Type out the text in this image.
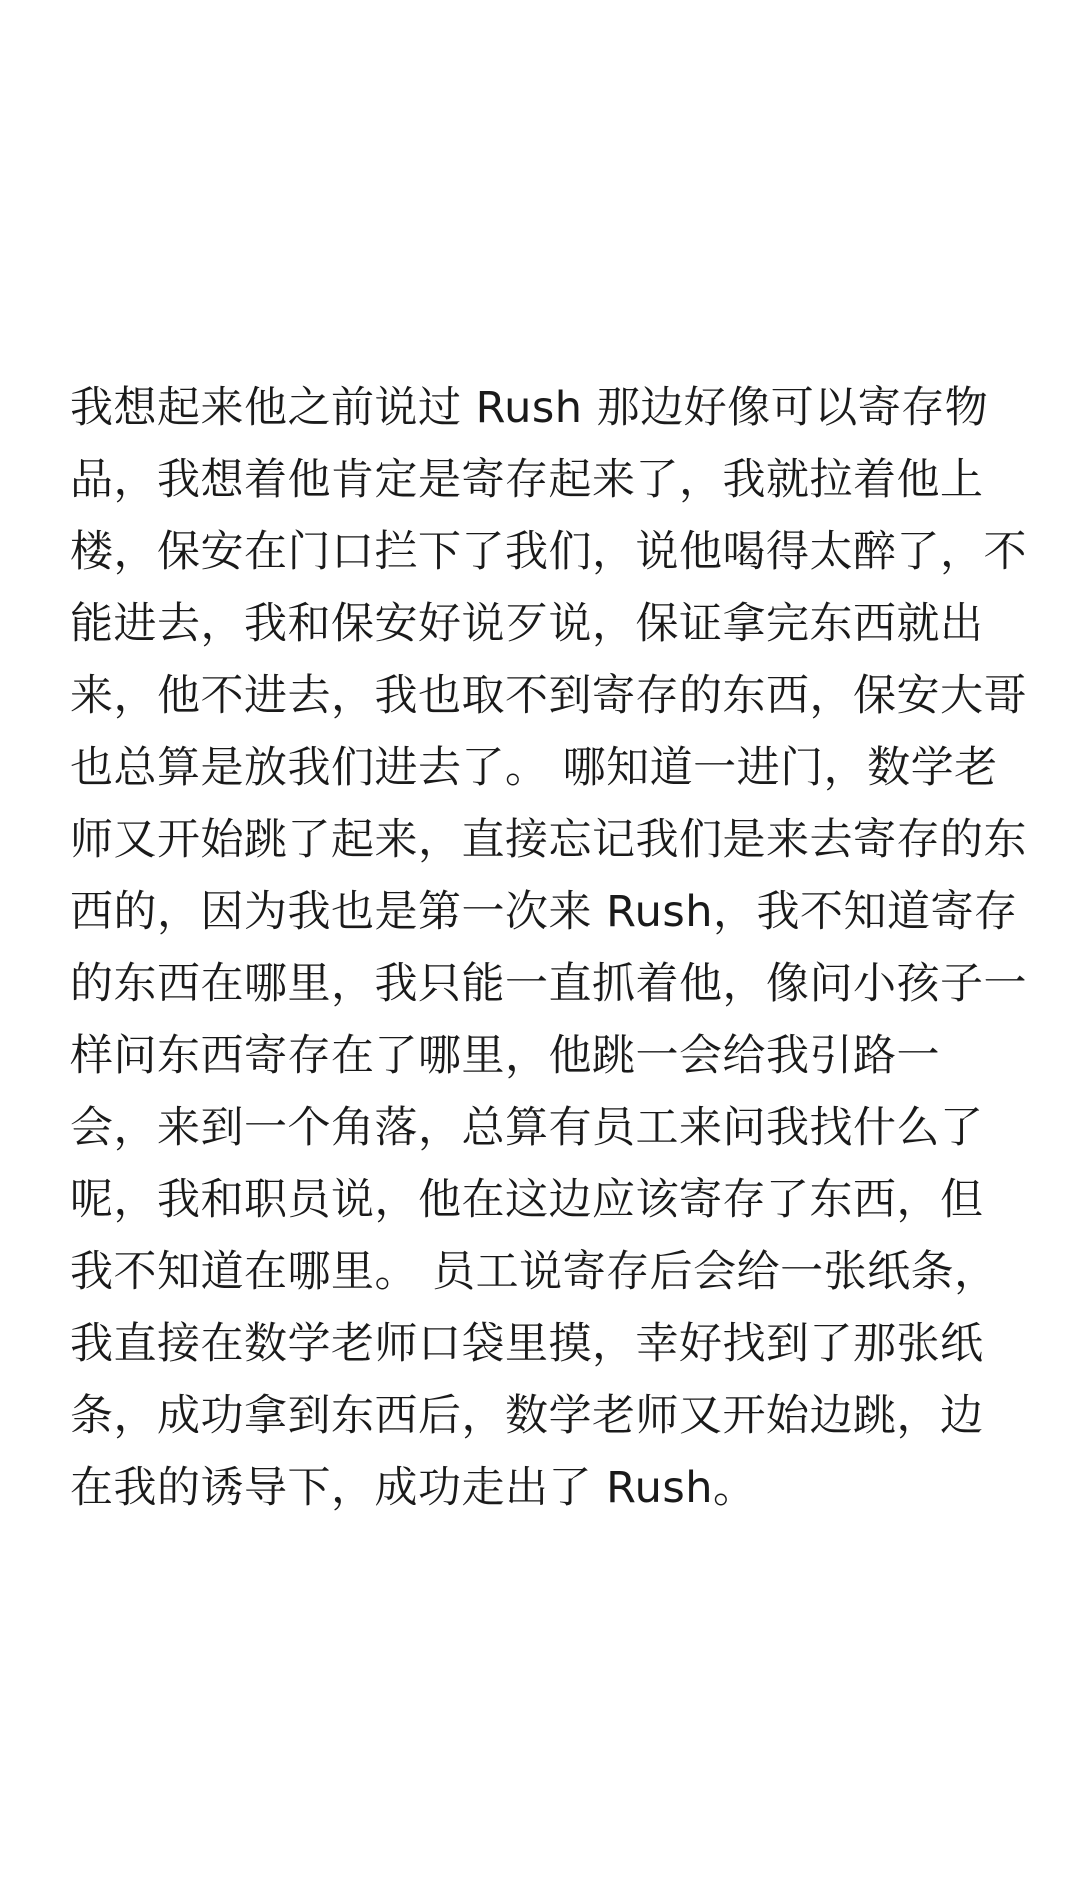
我想起来他之前说过 Rush 那边好像可以寄存物
品，我想着他肯定是寄存起来了，我就拉着他上
楼，保安在门口拦下了我们，说他喝得太醉了，不
能进去，我和保安好说歹说，保证拿完东西就出
来，他不进去，我也取不到寄存的东西，保安大哥
也总算是放我们进去了。 哪知道一进门，数学老
师又开始跳了起来，直接忘记我们是来去寄存的东
西的，因为我也是第一次来 Rush，我不知道寄存
的东西在哪里，我只能一直抓着他，像问小孩子一
样问东西寄存在了哪里，他跳一会给我引路一
会，来到一个角落，总算有员工来问我找什么了
呢，我和职员说，他在这边应该寄存了东西，但
我不知道在哪里。 员工说寄存后会给一张纸条，
我直接在数学老师口袋里摸，幸好找到了那张纸
条，成功拿到东西后，数学老师又开始边跳，边
在我的诱导下，成功走出了 Rush。
